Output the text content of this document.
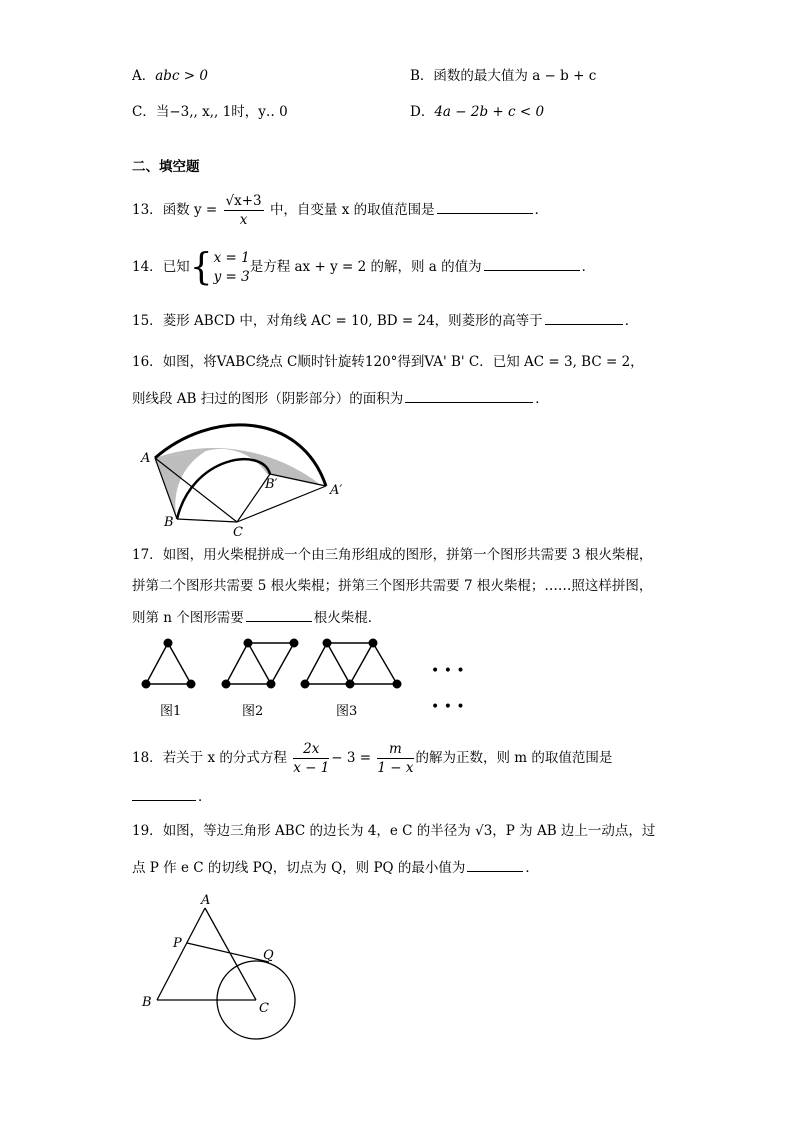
A．abc > 0	B．函数的最大值为 a − b + c
C．当−3,, x,, 1时，y‥ 0	D．4a − 2b + c < 0
二、填空题
13．函数 $y = \frac{√x+3}{x}$ 中，自变量 x 的取值范围是	．
14．已知{ x = 1
y = 3
是方程 ax + y = 2 的解，则 a 的值为	．
15．菱形 ABCD 中，对角线 AC = 10, BD = 24，则菱形的高等于	．
16．如图，将VABC绕点 C顺时针旋转120°得到VA' B' C．已知 AC = 3, BC = 2，
则线段 AB 扫过的图形（阴影部分）的面积为	．
A
B
C
A′
B′
17．如图，用火柴棍拼成一个由三角形组成的图形，拼第一个图形共需要 3 根火柴棍，
拼第二个图形共需要 5 根火柴棍；拼第三个图形共需要 7 根火柴棍；……照这样拼图，
则第 n 个图形需要	根火柴棍．
• • •
• • •
图1	图2	图3
18．若关于 x 的分式方程 $\frac{2x}{x - 1} - 3 = \frac{m}{1 - x}$ 的解为正数，则 m 的取值范围是
．
19．如图，等边三角形 ABC 的边长为 4，e C 的半径为 √3，P 为 AB 边上一动点，过
点 P 作 e C 的切线 PQ，切点为 Q，则 PQ 的最小值为	．
A
B	C
P
Q
